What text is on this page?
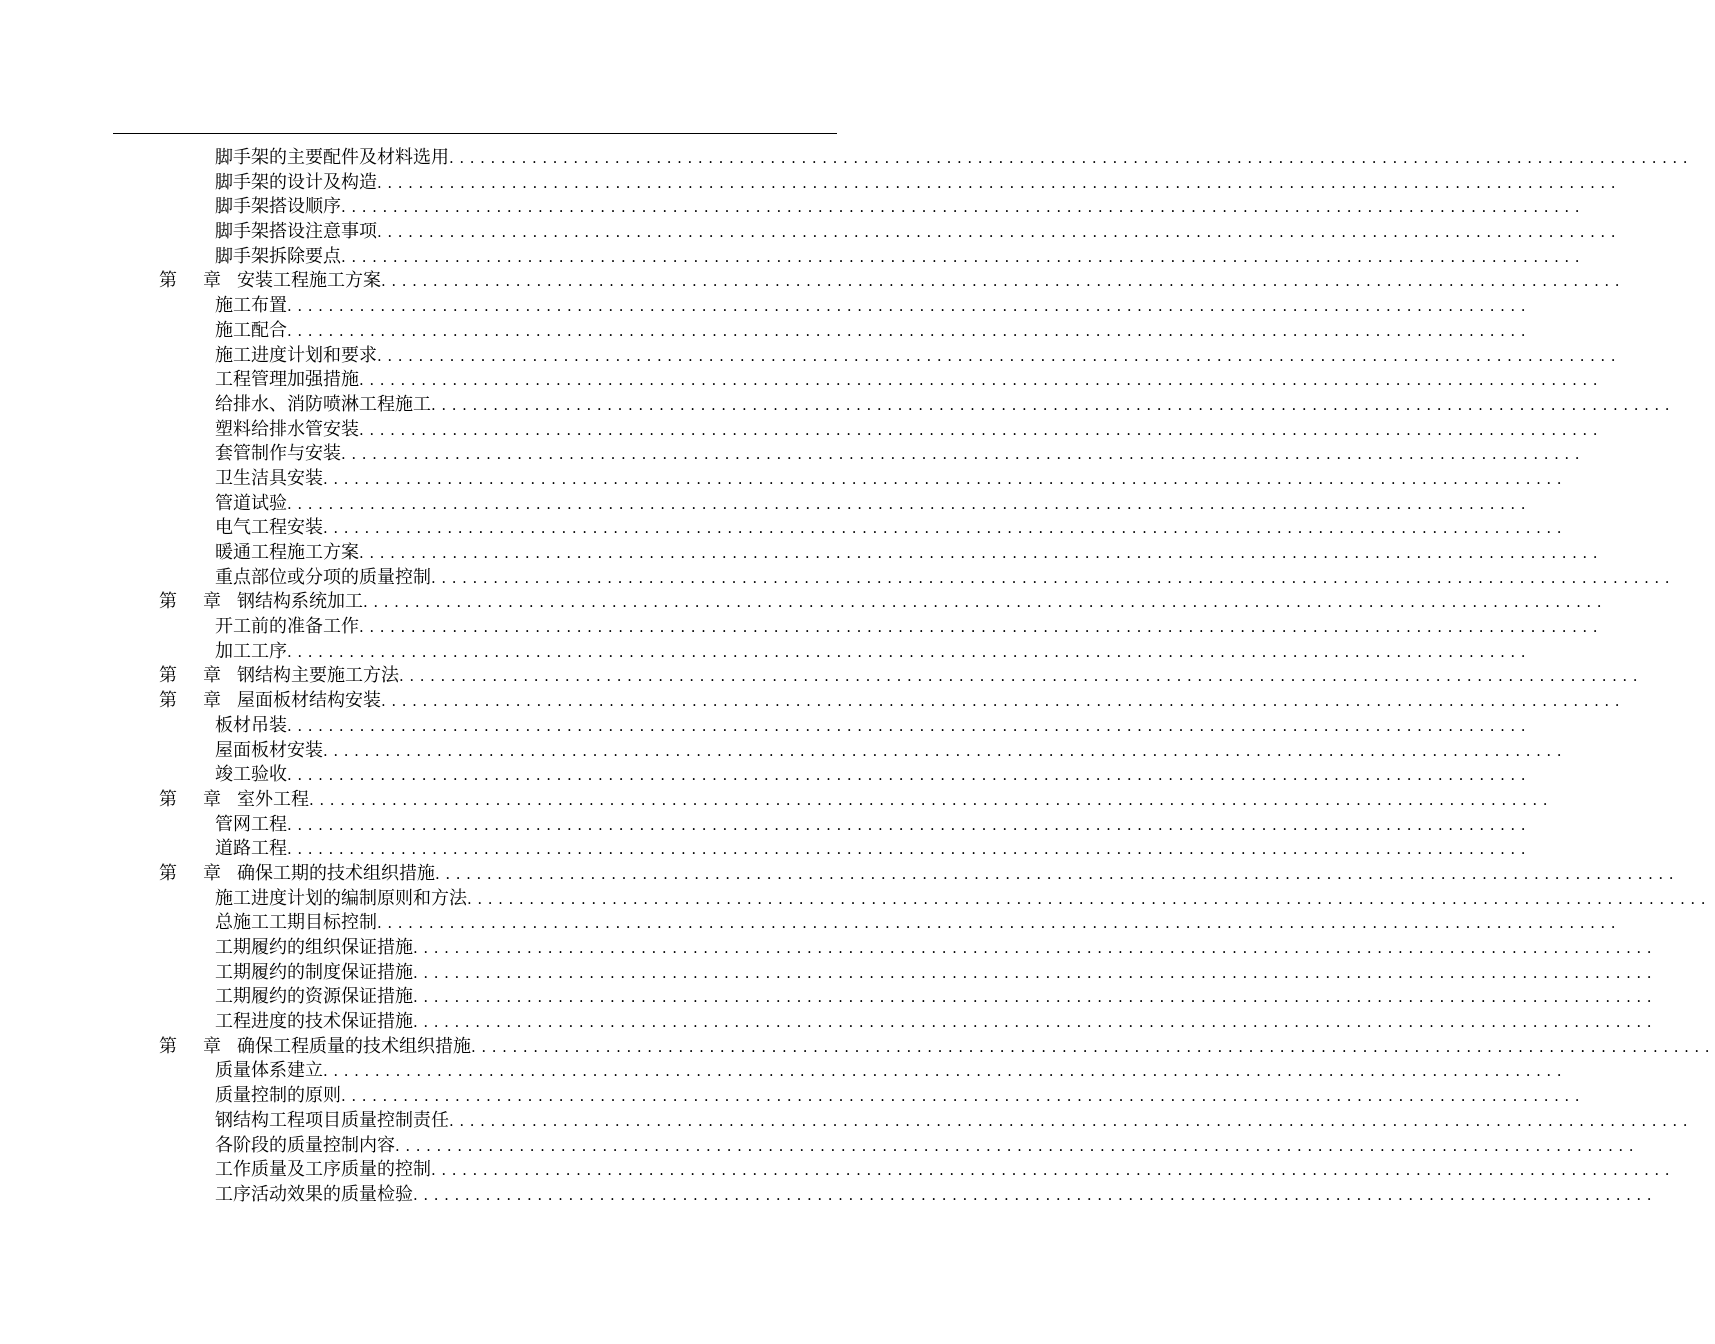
脚手架的主要配件及材料选用 ........................................................................................................................
脚手架的设计及构造 ........................................................................................................................
脚手架搭设顺序 ........................................................................................................................
脚手架搭设注意事项 ........................................................................................................................
脚手架拆除要点 ........................................................................................................................
第 章 安装工程施工方案 ........................................................................................................................
施工布置 ........................................................................................................................
施工配合 ........................................................................................................................
施工进度计划和要求 ........................................................................................................................
工程管理加强措施 ........................................................................................................................
给排水、消防喷淋工程施工 ........................................................................................................................
塑料给排水管安装 ........................................................................................................................
套管制作与安装 ........................................................................................................................
卫生洁具安装 ........................................................................................................................
管道试验 ........................................................................................................................
电气工程安装 ........................................................................................................................
暖通工程施工方案 ........................................................................................................................
重点部位或分项的质量控制 ........................................................................................................................
第 章 钢结构系统加工 ........................................................................................................................
开工前的准备工作 ........................................................................................................................
加工工序 ........................................................................................................................
第 章 钢结构主要施工方法 ........................................................................................................................
第 章 屋面板材结构安装 ........................................................................................................................
板材吊装 ........................................................................................................................
屋面板材安装 ........................................................................................................................
竣工验收 ........................................................................................................................
第 章 室外工程 ........................................................................................................................
管网工程 ........................................................................................................................
道路工程 ........................................................................................................................
第 章 确保工期的技术组织措施 ........................................................................................................................
施工进度计划的编制原则和方法 ........................................................................................................................
总施工工期目标控制 ........................................................................................................................
工期履约的组织保证措施 ........................................................................................................................
工期履约的制度保证措施 ........................................................................................................................
工期履约的资源保证措施 ........................................................................................................................
工程进度的技术保证措施 ........................................................................................................................
第 章 确保工程质量的技术组织措施 ........................................................................................................................
质量体系建立 ........................................................................................................................
质量控制的原则 ........................................................................................................................
钢结构工程项目质量控制责任 ........................................................................................................................
各阶段的质量控制内容 ........................................................................................................................
工作质量及工序质量的控制 ........................................................................................................................
工序活动效果的质量检验 ........................................................................................................................
